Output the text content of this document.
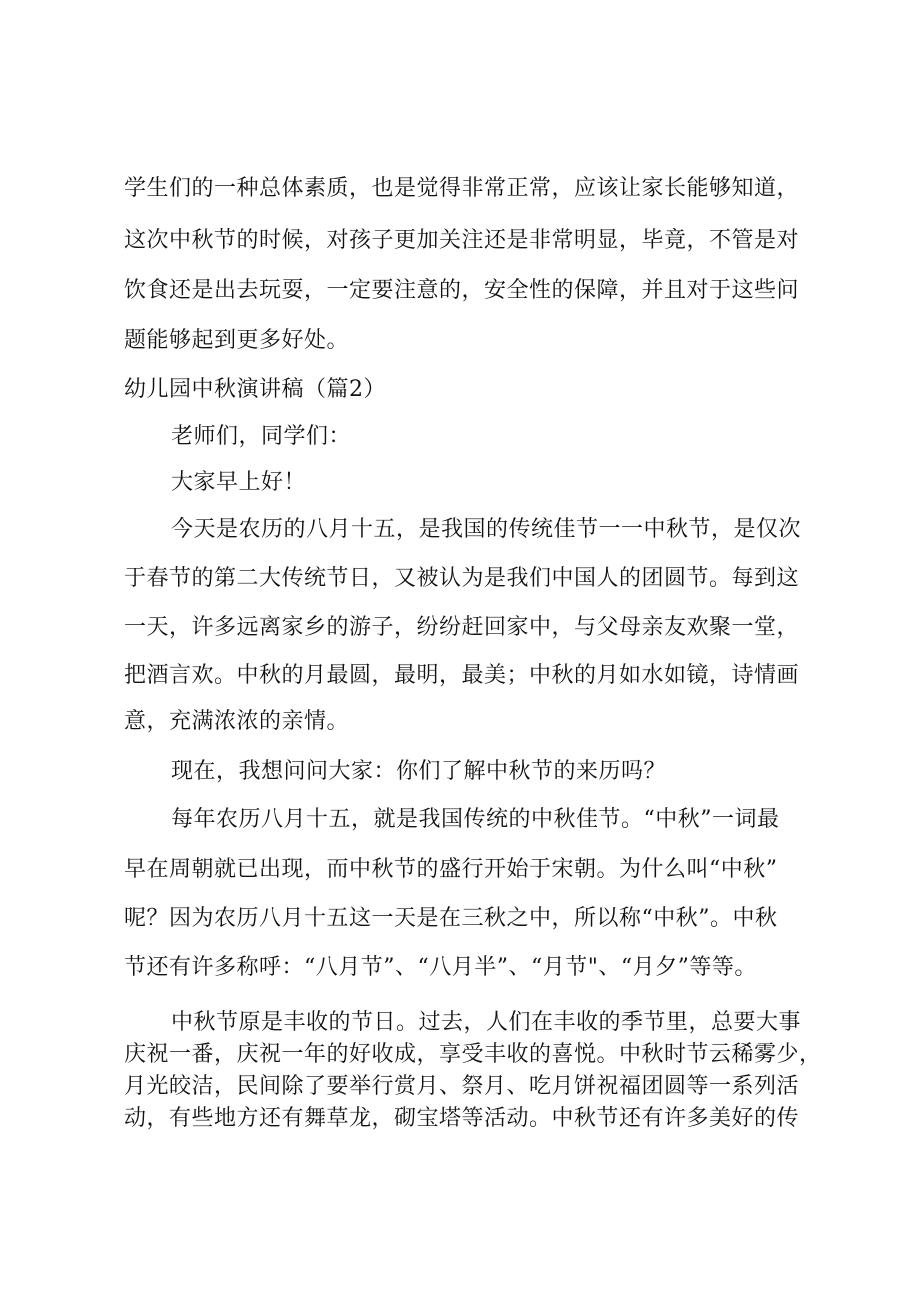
学生们的一种总体素质，也是觉得非常正常，应该让家长能够知道，
这次中秋节的时候，对孩子更加关注还是非常明显，毕竟，不管是对
饮食还是出去玩耍，一定要注意的，安全性的保障，并且对于这些问
题能够起到更多好处。
幼儿园中秋演讲稿（篇2）
老师们，同学们：
大家早上好！
今天是农历的八月十五，是我国的传统佳节一一中秋节，是仅次
于春节的第二大传统节日，又被认为是我们中国人的团圆节。每到这
一天，许多远离家乡的游子，纷纷赶回家中，与父母亲友欢聚一堂，
把酒言欢。中秋的月最圆，最明，最美；中秋的月如水如镜，诗情画
意，充满浓浓的亲情。
现在，我想问问大家：你们了解中秋节的来历吗？
每年农历八月十五，就是我国传统的中秋佳节。“中秋”一词最
早在周朝就已出现，而中秋节的盛行开始于宋朝。为什么叫“中秋”
呢？因为农历八月十五这一天是在三秋之中，所以称“中秋”。中秋
节还有许多称呼：“八月节”、“八月半”、“月节"、“月夕”等等。
中秋节原是丰收的节日。过去，人们在丰收的季节里，总要大事
庆祝一番，庆祝一年的好收成，享受丰收的喜悦。中秋时节云稀雾少，
月光皎洁，民间除了要举行赏月、祭月、吃月饼祝福团圆等一系列活
动，有些地方还有舞草龙，砌宝塔等活动。中秋节还有许多美好的传
